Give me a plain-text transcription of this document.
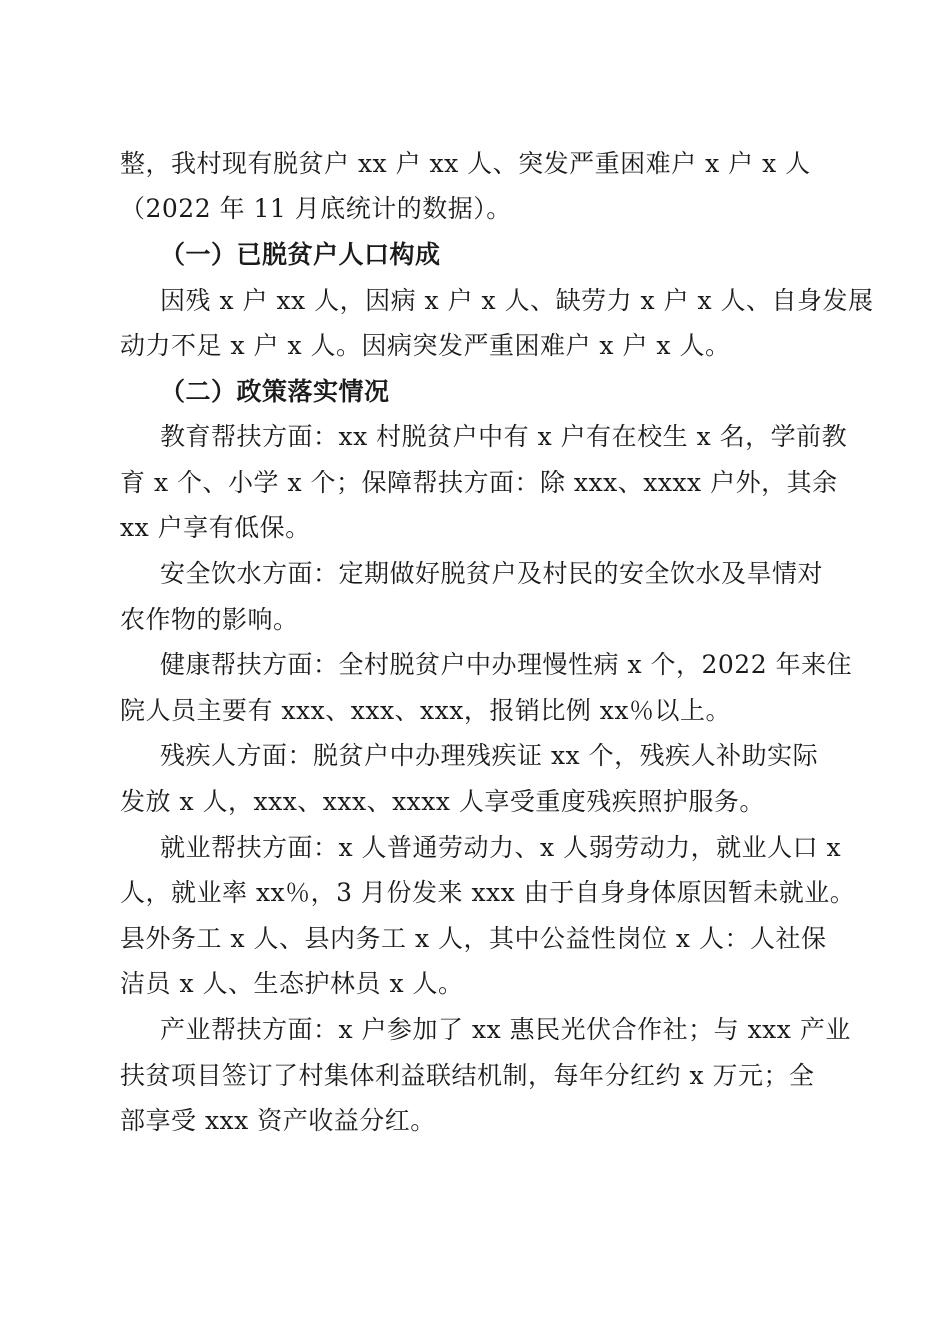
整，我村现有脱贫户 xx 户 xx 人、突发严重困难户 x 户 x 人
（2022 年 11 月底统计的数据）。
（一）已脱贫户人口构成
因残 x 户 xx 人，因病 x 户 x 人、缺劳力 x 户 x 人、自身发展
动力不足 x 户 x 人。因病突发严重困难户 x 户 x 人。
（二）政策落实情况
教育帮扶方面：xx 村脱贫户中有 x 户有在校生 x 名，学前教
育 x 个、小学 x 个；保障帮扶方面：除 xxx、xxxx 户外，其余
xx 户享有低保。
安全饮水方面：定期做好脱贫户及村民的安全饮水及旱情对
农作物的影响。
健康帮扶方面：全村脱贫户中办理慢性病 x 个，2022 年来住
院人员主要有 xxx、xxx、xxx，报销比例 xx％以上。
残疾人方面：脱贫户中办理残疾证 xx 个，残疾人补助实际
发放 x 人，xxx、xxx、xxxx 人享受重度残疾照护服务。
就业帮扶方面：x 人普通劳动力、x 人弱劳动力，就业人口 x
人，就业率 xx％，3 月份发来 xxx 由于自身身体原因暂未就业。
县外务工 x 人、县内务工 x 人，其中公益性岗位 x 人：人社保
洁员 x 人、生态护林员 x 人。
产业帮扶方面：x 户参加了 xx 惠民光伏合作社；与 xxx 产业
扶贫项目签订了村集体利益联结机制，每年分红约 x 万元；全
部享受 xxx 资产收益分红。
